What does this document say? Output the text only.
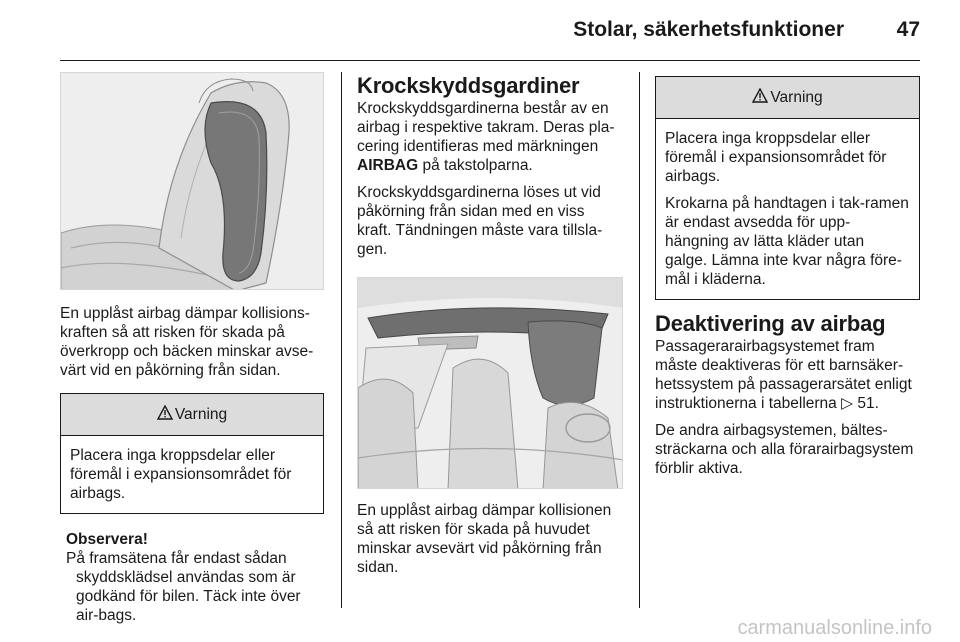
Stolar, säkerhetsfunktioner	47

En upplåst airbag dämpar kollisions-kraften så att risken för skada på överkropp och bäcken minskar avse-värt vid en påkörning från sidan.

Varning

Placera inga kroppsdelar eller föremål i expansionsområdet för airbags.

Observera!
På framsätena får endast sådan skyddsklädsel användas som är godkänd för bilen. Täck inte över air-bags.
Krockskyddsgardiner

Krockskyddsgardinerna består av en airbag i respektive takram. Deras pla-cering identifieras med märkningen AIRBAG på takstolparna.

Krockskyddsgardinerna löses ut vid påkörning från sidan med en viss kraft. Tändningen måste vara tillsla-gen.

En upplåst airbag dämpar kollisionen så att risken för skada på huvudet minskar avsevärt vid påkörning från sidan.

Varning

Placera inga kroppsdelar eller föremål i expansionsområdet för airbags.

Krokarna på handtagen i tak-ramen är endast avsedda för upp-hängning av lätta kläder utan galge. Lämna inte kvar några före-mål i kläderna.

Deaktivering av airbag

Passagerarairbagsystemet fram måste deaktiveras för ett barnsäker-hetssystem på passagerarsätet enligt instruktionerna i tabellerna ▷ 51.

De andra airbagsystemen, bältes-sträckarna och alla förarairbagsystem förblir aktiva.

carmanualsonline.info
